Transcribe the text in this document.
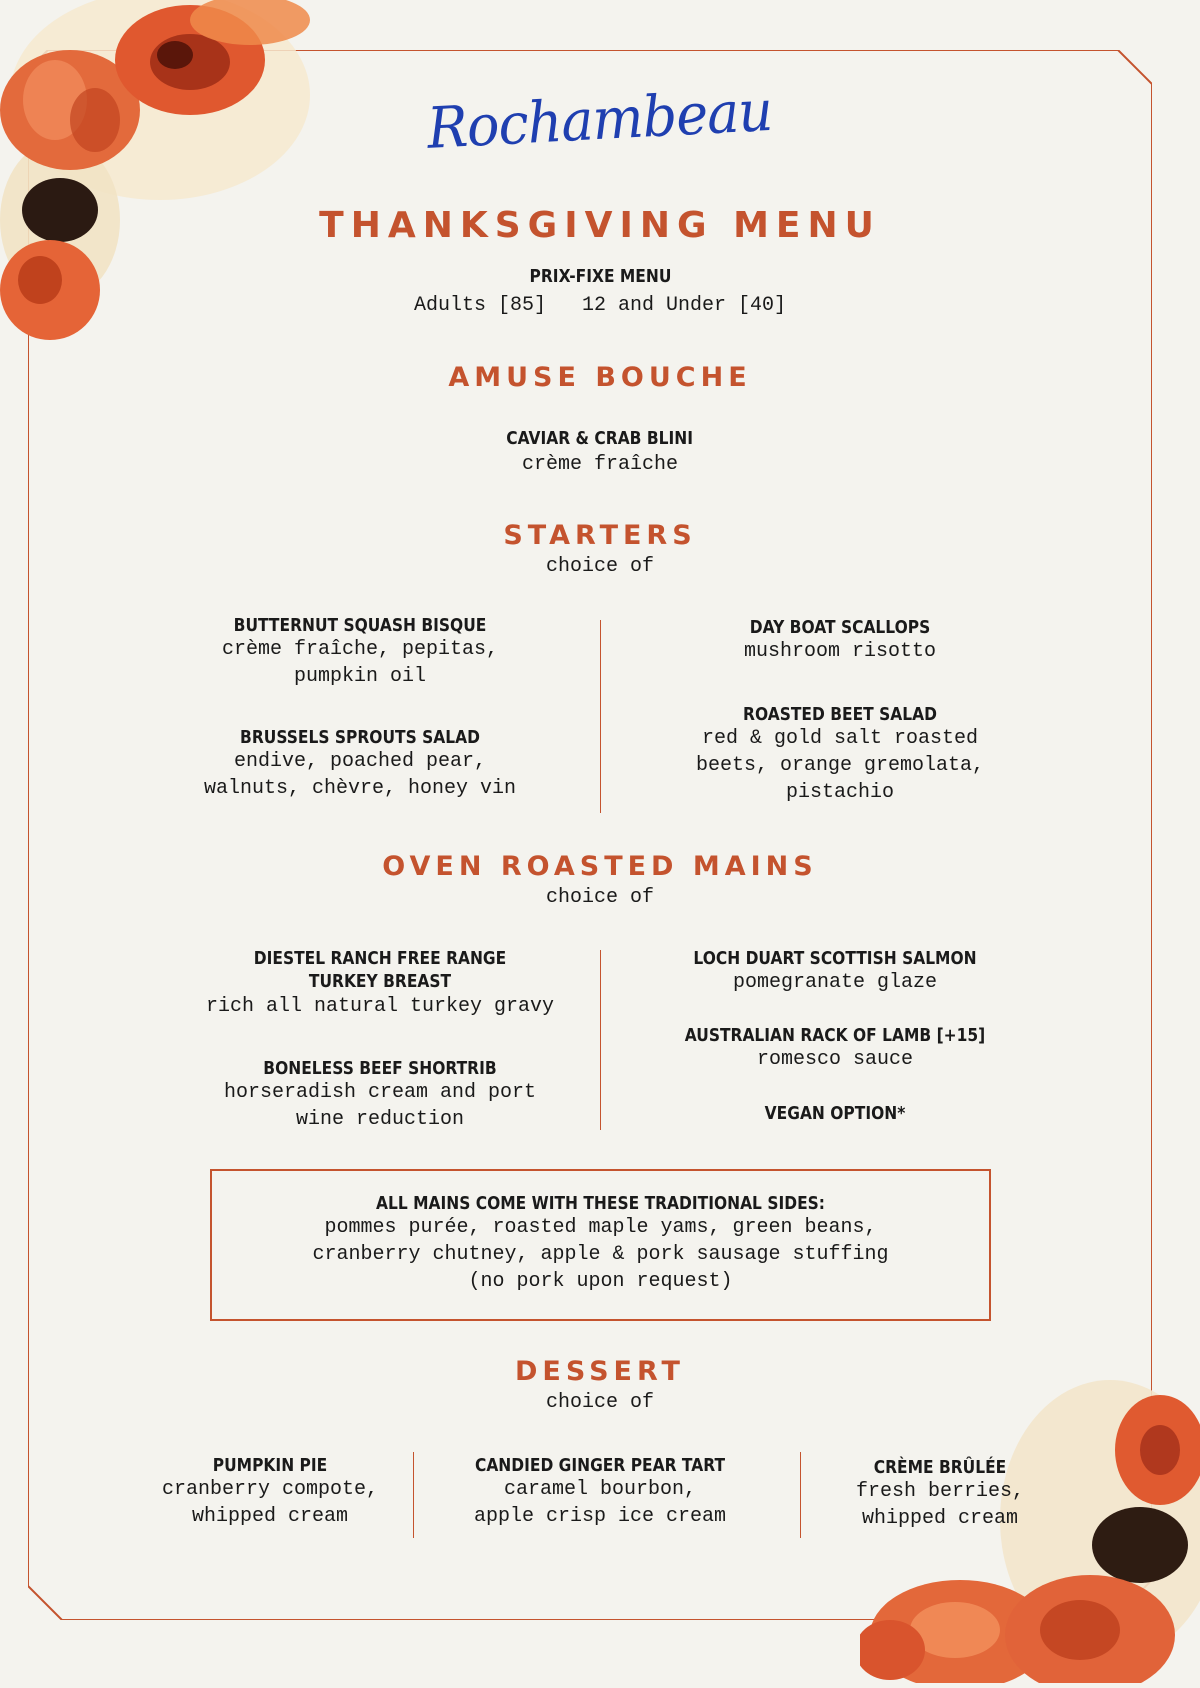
Rochambeau
THANKSGIVING MENU
PRIX-FIXE MENU
Adults [85]   12 and Under [40]
AMUSE BOUCHE
CAVIAR & CRAB BLINI
crème fraîche
STARTERS
choice of
BUTTERNUT SQUASH BISQUE
crème fraîche, pepitas,
pumpkin oil
BRUSSELS SPROUTS SALAD
endive, poached pear,
walnuts, chèvre, honey vin
DAY BOAT SCALLOPS
mushroom risotto
ROASTED BEET SALAD
red & gold salt roasted
beets, orange gremolata,
pistachio
OVEN ROASTED MAINS
choice of
DIESTEL RANCH FREE RANGE
TURKEY BREAST
rich all natural turkey gravy
BONELESS BEEF SHORTRIB
horseradish cream and port
wine reduction
LOCH DUART SCOTTISH SALMON
pomegranate glaze
AUSTRALIAN RACK OF LAMB [+15]
romesco sauce
VEGAN OPTION*
ALL MAINS COME WITH THESE TRADITIONAL SIDES:
pommes purée, roasted maple yams, green beans,
cranberry chutney, apple & pork sausage stuffing
(no pork upon request)
DESSERT
choice of
PUMPKIN PIE
cranberry compote,
whipped cream
CANDIED GINGER PEAR TART
caramel bourbon,
apple crisp ice cream
CRÈME BRÛLÉE
fresh berries,
whipped cream
